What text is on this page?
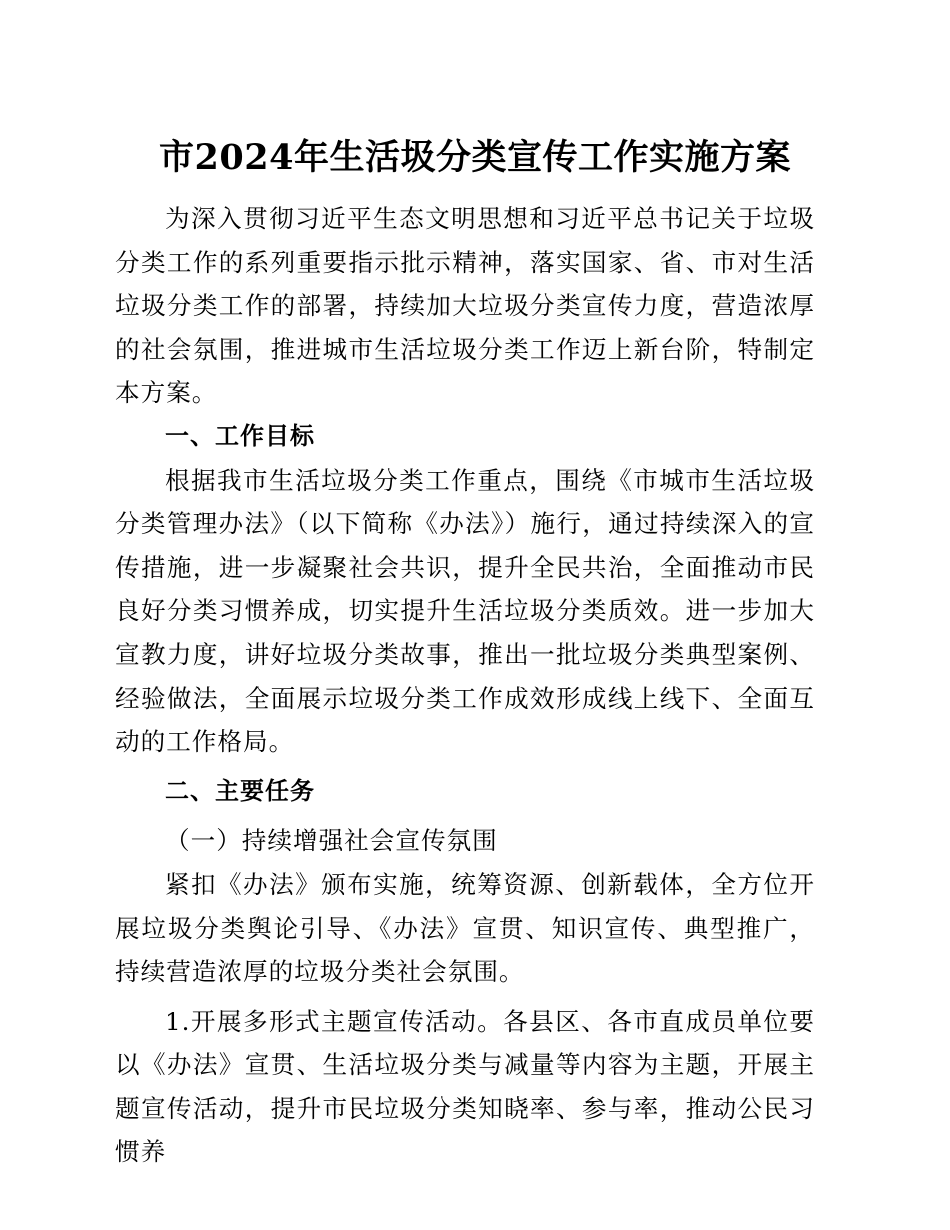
市2024年生活圾分类宣传工作实施方案

为深入贯彻习近平生态文明思想和习近平总书记关于垃圾分类工作的系列重要指示批示精神，落实国家、省、市对生活垃圾分类工作的部署，持续加大垃圾分类宣传力度，营造浓厚的社会氛围，推进城市生活垃圾分类工作迈上新台阶，特制定本方案。

一、工作目标

根据我市生活垃圾分类工作重点，围绕《市城市生活垃圾分类管理办法》（以下简称《办法》）施行，通过持续深入的宣传措施，进一步凝聚社会共识，提升全民共治，全面推动市民良好分类习惯养成，切实提升生活垃圾分类质效。进一步加大宣教力度，讲好垃圾分类故事，推出一批垃圾分类典型案例、经验做法，全面展示垃圾分类工作成效形成线上线下、全面互动的工作格局。

二、主要任务

（一）持续增强社会宣传氛围

紧扣《办法》颁布实施，统筹资源、创新载体，全方位开展垃圾分类舆论引导、《办法》宣贯、知识宣传、典型推广，持续营造浓厚的垃圾分类社会氛围。

1.开展多形式主题宣传活动。各县区、各市直成员单位要以《办法》宣贯、生活垃圾分类与减量等内容为主题，开展主题宣传活动，提升市民垃圾分类知晓率、参与率，推动公民习惯养
